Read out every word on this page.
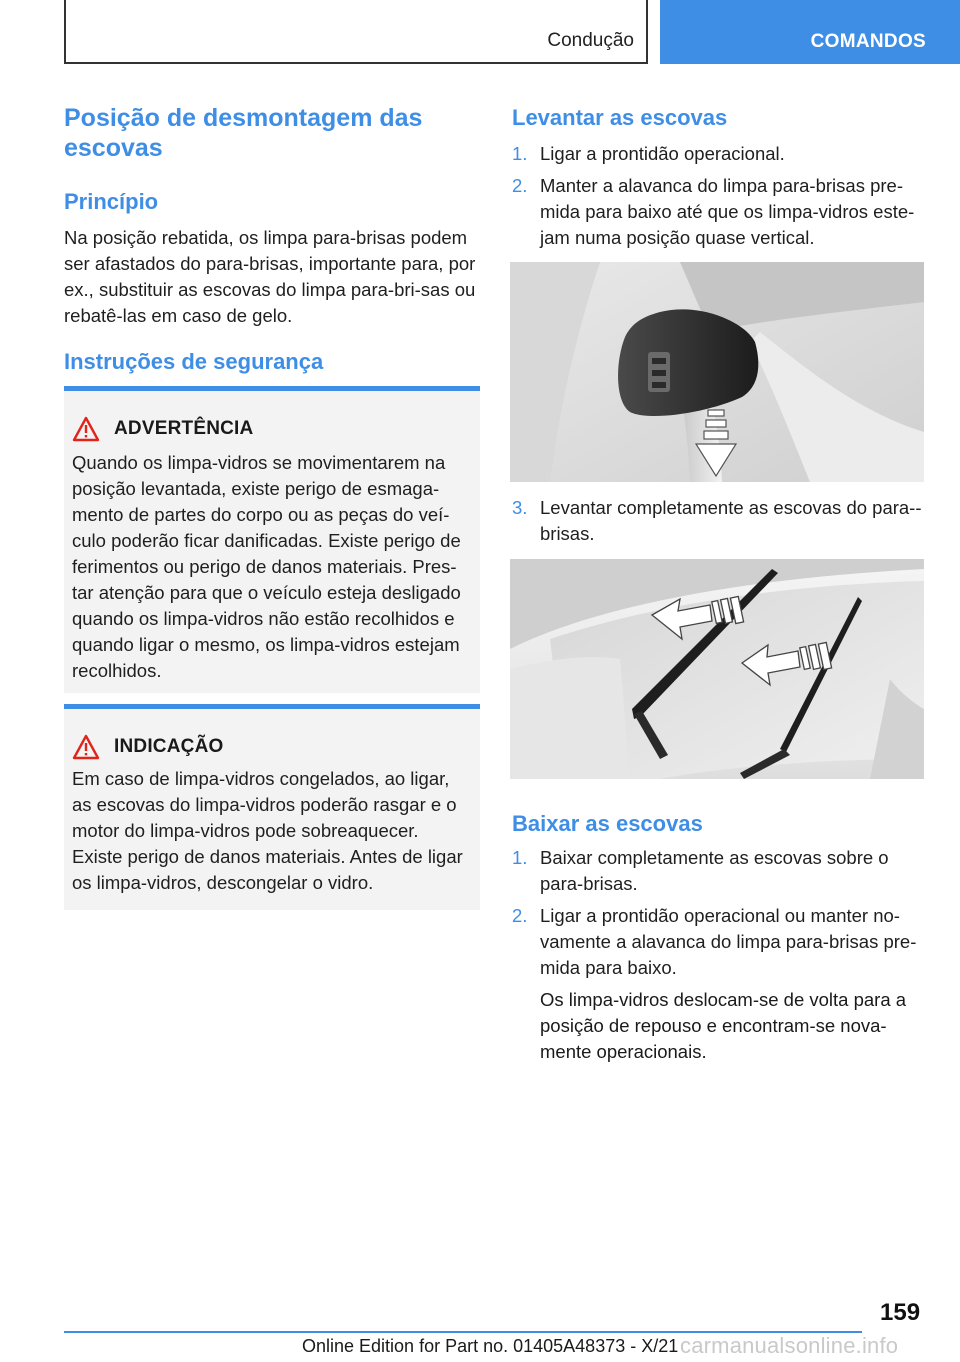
Condução	COMANDOS
Posição de desmontagem das escovas
Princípio

Na posição rebatida, os limpa para-brisas podem ser afastados do para-brisas, importante para, por ex., substituir as escovas do limpa para-bri-sas ou rebatê-las em caso de gelo.

Instruções de segurança
ADVERTÊNCIA

Quando os limpa-vidros se movimentarem na posição levantada, existe perigo de esmaga-mento de partes do corpo ou as peças do veí-culo poderão ficar danificadas. Existe perigo de ferimentos ou perigo de danos materiais. Pres-tar atenção para que o veículo esteja desligado quando os limpa-vidros não estão recolhidos e quando ligar o mesmo, os limpa-vidros estejam recolhidos.

INDICAÇÃO

Em caso de limpa-vidros congelados, ao ligar, as escovas do limpa-vidros poderão rasgar e o motor do limpa-vidros pode sobreaquecer. Existe perigo de danos materiais. Antes de ligar os limpa-vidros, descongelar o vidro.

Levantar as escovas
1. Ligar a prontidão operacional.
2. Manter a alavanca do limpa para-brisas pre-mida para baixo até que os limpa-vidros este-jam numa posição quase vertical.
3. Levantar completamente as escovas do para--brisas.
Baixar as escovas
1. Baixar completamente as escovas sobre o para-brisas.
2. Ligar a prontidão operacional ou manter no-vamente a alavanca do limpa para-brisas pre-mida para baixo.

Os limpa-vidros deslocam-se de volta para a posição de repouso e encontram-se nova-mente operacionais.

159
Online Edition for Part no. 01405A48373 - X/21 carmanualsonline.info
